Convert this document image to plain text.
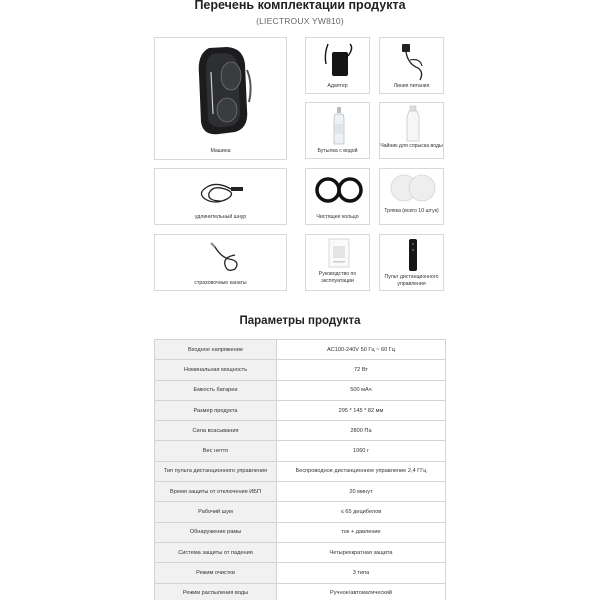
Перечень комплектации продукта
(LIECTROUX YW810)
Машина
Адаптер	Линия питания
Бутылка с водой
Чайник для спрыска воды
удлинительный шнур	Чистящее кольцо
Тряпка (всего 10 штук)
страховочные канаты
Руководство по эксплуатации
Пульт дистанционного управления
Параметры продукта
Входное напряжение	AC100-240V 50 Гц ~ 60 Гц
Номинальная мощность	72 Вт
Емкость батареи	500 мАч
Размер продукта	295 * 145 * 82 мм
Сила всасывания	2800 Па
Вес нетто	1060 г
Тип пульта дистанционного управления	Беспроводное дистанционное управление 2,4 ГГц
Время защиты от отключения ИБП	20 минут
Рабочий шум	≤ 65 децибелов
Обнаружение рамы	ток + давление
Система защиты от падения	Четырехкратная защита
Режим очистки	3 типа
Режим распыления воды	Ручное/автоматический
